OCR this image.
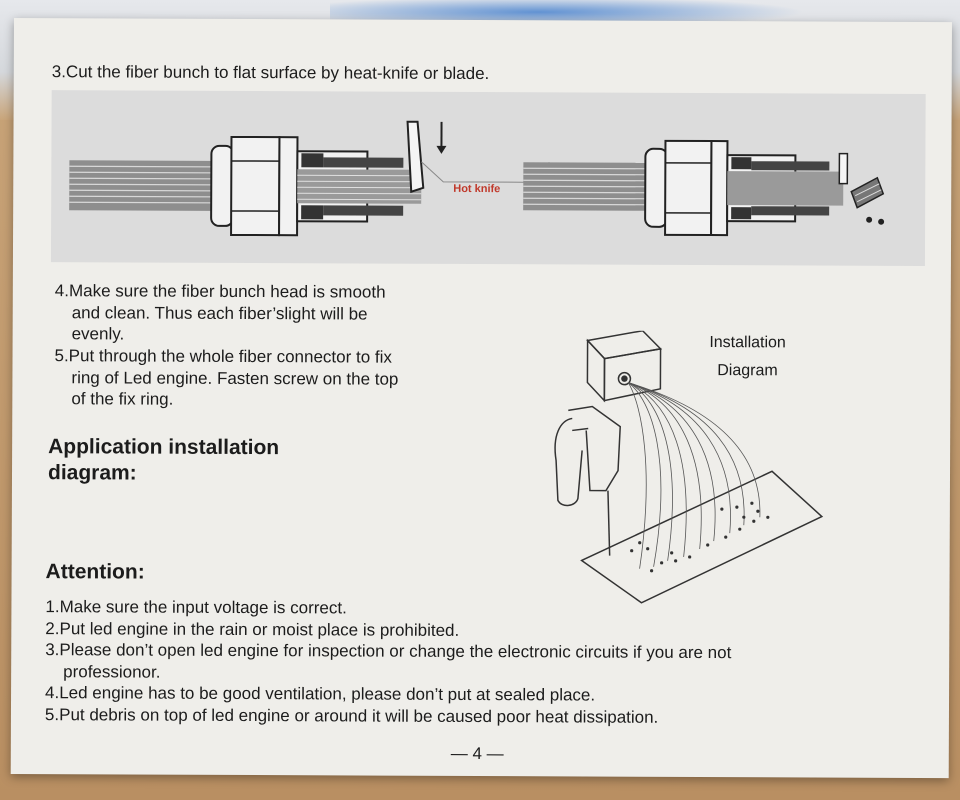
3.Cut the fiber bunch to flat surface by heat-knife or blade.

Hot knife

4.Make sure the fiber bunch head is smooth
and clean. Thus each fiber’slight will be
evenly.

5.Put through the whole fiber connector to fix
ring of Led engine. Fasten screw on the top
of the fix ring.

Application installation diagram:

Installation
Diagram

Attention:

1.Make sure the input voltage is correct.
2.Put led engine in the rain or moist place is prohibited.
3.Please don’t open led engine for inspection or change the electronic circuits if you are not
professionor.
4.Led engine has to be good ventilation, please don’t put at sealed place.
5.Put debris on top of led engine or around it will be caused poor heat dissipation.

— 4 —
